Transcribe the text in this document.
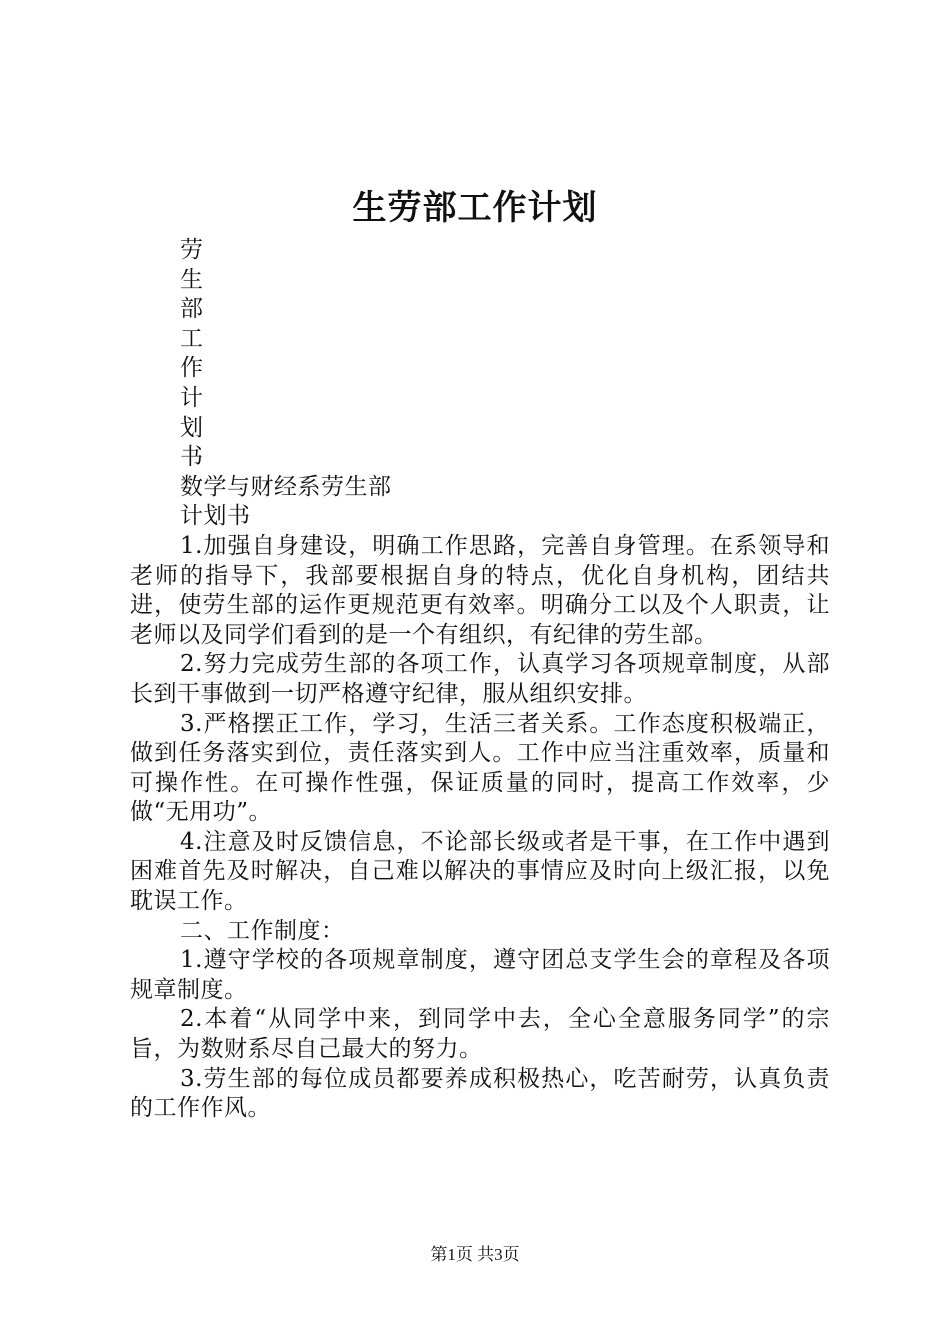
生劳部工作计划
劳
生
部
工
作
计
划
书
数学与财经系劳生部
计划书
1.加强自身建设，明确工作思路，完善自身管理。在系领导和老师的指导下，我部要根据自身的特点，优化自身机构，团结共进，使劳生部的运作更规范更有效率。明确分工以及个人职责，让老师以及同学们看到的是一个有组织，有纪律的劳生部。
2.努力完成劳生部的各项工作，认真学习各项规章制度，从部长到干事做到一切严格遵守纪律，服从组织安排。
3.严格摆正工作，学习，生活三者关系。工作态度积极端正，做到任务落实到位，责任落实到人。工作中应当注重效率，质量和可操作性。在可操作性强，保证质量的同时，提高工作效率，少做“无用功”。
4.注意及时反馈信息，不论部长级或者是干事，在工作中遇到困难首先及时解决，自己难以解决的事情应及时向上级汇报，以免耽误工作。
二、工作制度：
1.遵守学校的各项规章制度，遵守团总支学生会的章程及各项规章制度。
2.本着“从同学中来，到同学中去，全心全意服务同学”的宗旨，为数财系尽自己最大的努力。
3.劳生部的每位成员都要养成积极热心，吃苦耐劳，认真负责的工作作风。
第1页 共3页
